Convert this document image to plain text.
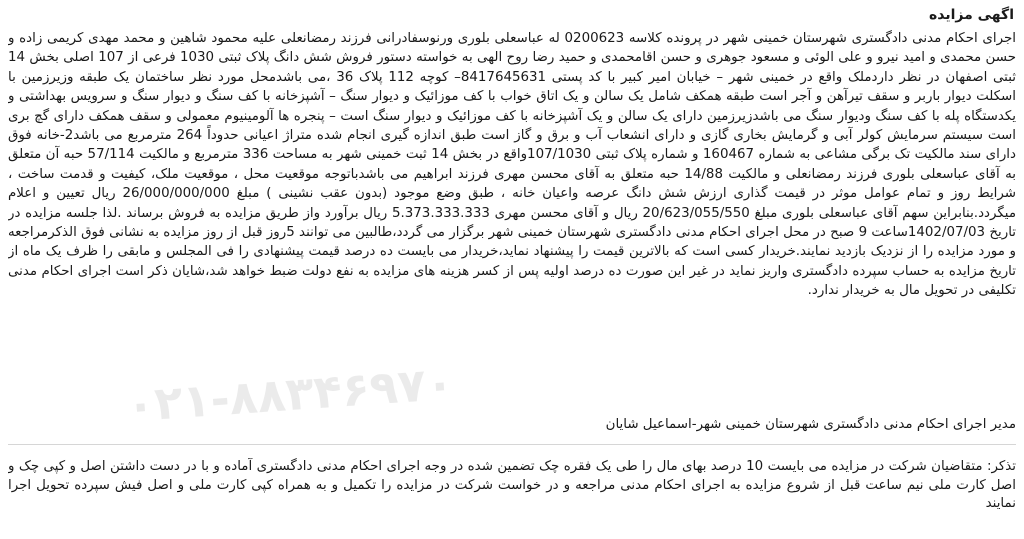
اگهی مزایده

اجرای احکام مدنی دادگستری شهرستان خمینی شهر در پرونده کلاسه 0200623 له عباسعلی بلوری ورنوسفادرانی فرزند رمضانعلی علیه محمود شاهین و محمد مهدی کریمی زاده و حسن محمدی و امید نیرو و علی الوئی و مسعود جوهری و حسن اقامحمدی و حمید رضا روح الهی به خواسته دستور فروش شش دانگ پلاک ثبتی 1030 فرعی از 107 اصلی بخش 14 ثبتی اصفهان در نظر داردملک واقع در خمینی شهر – خیابان امیر کبیر با کد پستی 8417645631– کوچه 112 پلاک 36 ،می باشدمحل مورد نظر ساختمان یک طبقه وزیرزمین با اسکلت دیوار باربر و سقف تیرآهن و آجر است طبقه همکف شامل یک سالن و یک اتاق خواب با کف موزائیک و دیوار سنگ – آشپزخانه با کف سنگ و دیوار سنگ و سرویس بهداشتی و یکدستگاه پله با کف سنگ ودیوار سنگ می باشدزیرزمین دارای یک سالن و یک آشپزخانه با کف موزائیک و دیوار سنگ است – پنجره ها آلومینیوم معمولی و سقف همکف دارای گچ بری است سیستم سرمایش کولر آبی و گرمایش بخاری گازی و دارای انشعاب آب و برق و گاز است طبق اندازه گیری انجام شده متراژ اعیانی حدوداً 264 مترمربع می باشد2-خانه فوق دارای سند مالکیت تک برگی مشاعی به شماره 160467 و شماره پلاک ثبتی 107/1030واقع در بخش 14 ثبت خمینی شهر به مساحت 336 مترمربع و مالکیت 57/114 حبه آن متعلق به آقای عباسعلی بلوری فرزند رمضانعلی و مالکیت 14/88 حبه متعلق به آقای محسن مهری فرزند ابراهیم می باشدباتوجه موقعیت محل ، موقعیت ملک، کیفیت و قدمت ساخت ، شرایط روز و تمام عوامل موثر در قیمت گذاری ارزش شش دانگ عرصه واعیان خانه ، طبق وضع موجود (بدون عقب نشینی ) مبلغ 26/000/000/000 ریال تعیین و اعلام میگردد.بنابراین سهم آقای عباسعلی بلوری مبلغ 20/623/055/550 ریال و آقای محسن مهری 5.373.333.333 ریال برآورد واز طریق مزایده به فروش برساند .لذا جلسه مزایده در تاریخ 1402/07/03ساعت 9 صبح در محل اجرای احکام مدنی دادگستری شهرستان خمینی شهر برگزار می گردد،طالبین می توانند 5روز قبل از روز مزایده به نشانی فوق الذکرمراجعه و مورد مزایده را از نزدیک بازدید نمایند.خریدار کسی است که بالاترین قیمت را پیشنهاد نماید،خریدار می بایست ده درصد قیمت پیشنهادی را فی المجلس و مابقی را ظرف یک ماه از تاریخ مزایده به حساب سپرده دادگستری واریز نماید در غیر این صورت ده درصد اولیه پس از کسر هزینه های مزایده به نفع دولت ضبط خواهد شد،شایان ذکر است اجرای احکام مدنی تکلیفی در تحویل مال به خریدار ندارد.

مدیر اجرای احکام مدنی دادگستری شهرستان خمینی شهر-اسماعیل شایان

تذکر: متقاضیان شرکت در مزایده می بایست 10 درصد بهای مال را طی یک فقره چک تضمین شده در وجه اجرای احکام مدنی دادگستری آماده و با در دست داشتن اصل و کپی چک و اصل کارت ملی نیم ساعت قبل از شروع مزایده به اجرای احکام مدنی مراجعه و در خواست شرکت در مزایده را تکمیل و به همراه کپی کارت ملی و اصل فیش سپرده تحویل اجرا نمایند

۰۲۱-۸۸۳۴۶۹۷۰
